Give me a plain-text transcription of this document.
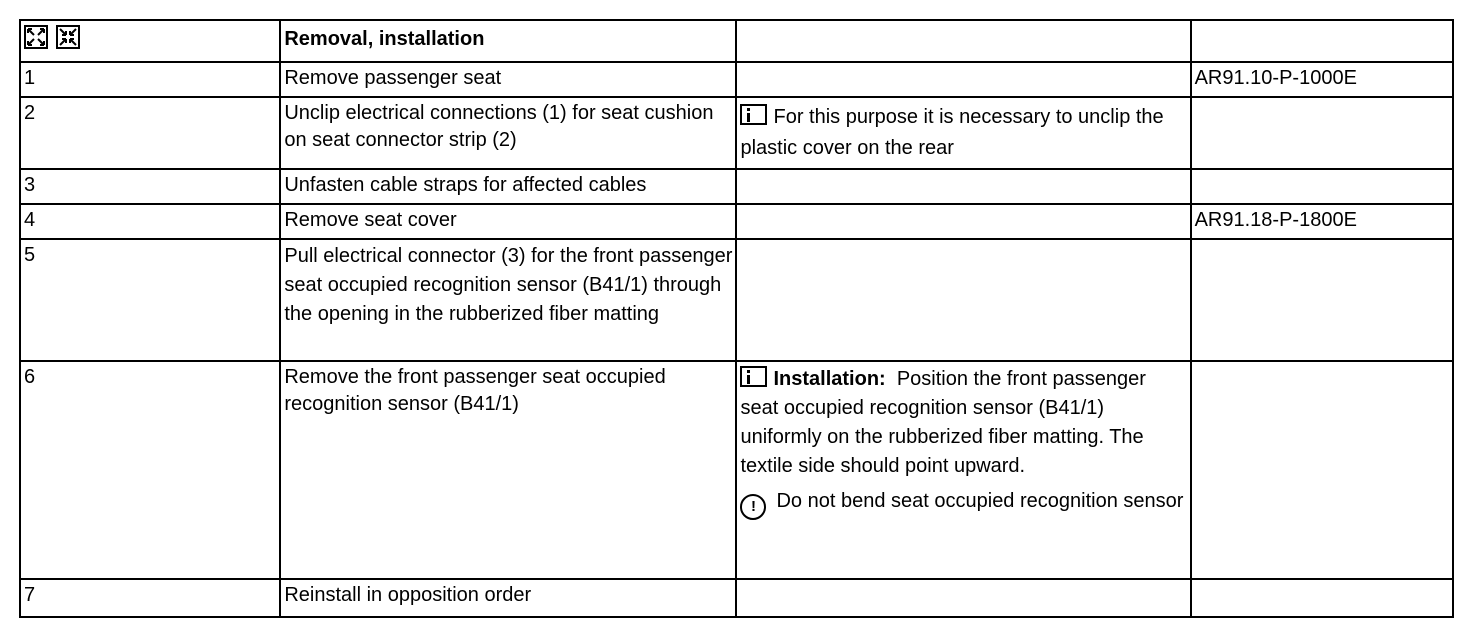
	Removal, installation		
1	Remove passenger seat		AR91.10-P-1000E
2	Unclip electrical connections (1) for seat cushion on seat connector strip (2)	For this purpose it is necessary to unclip the plastic cover on the rear	
3	Unfasten cable straps for affected cables		
4	Remove seat cover		AR91.18-P-1800E
5	Pull electrical connector (3) for the front passenger seat occupied recognition sensor (B41/1) through the opening in the rubberized fiber matting		
6	Remove the front passenger seat occupied recognition sensor (B41/1)	Installation: Position the front passenger seat occupied recognition sensor (B41/1) uniformly on the rubberized fiber matting. The textile side should point upward.
! Do not bend seat occupied recognition sensor	
7	Reinstall in opposition order		
